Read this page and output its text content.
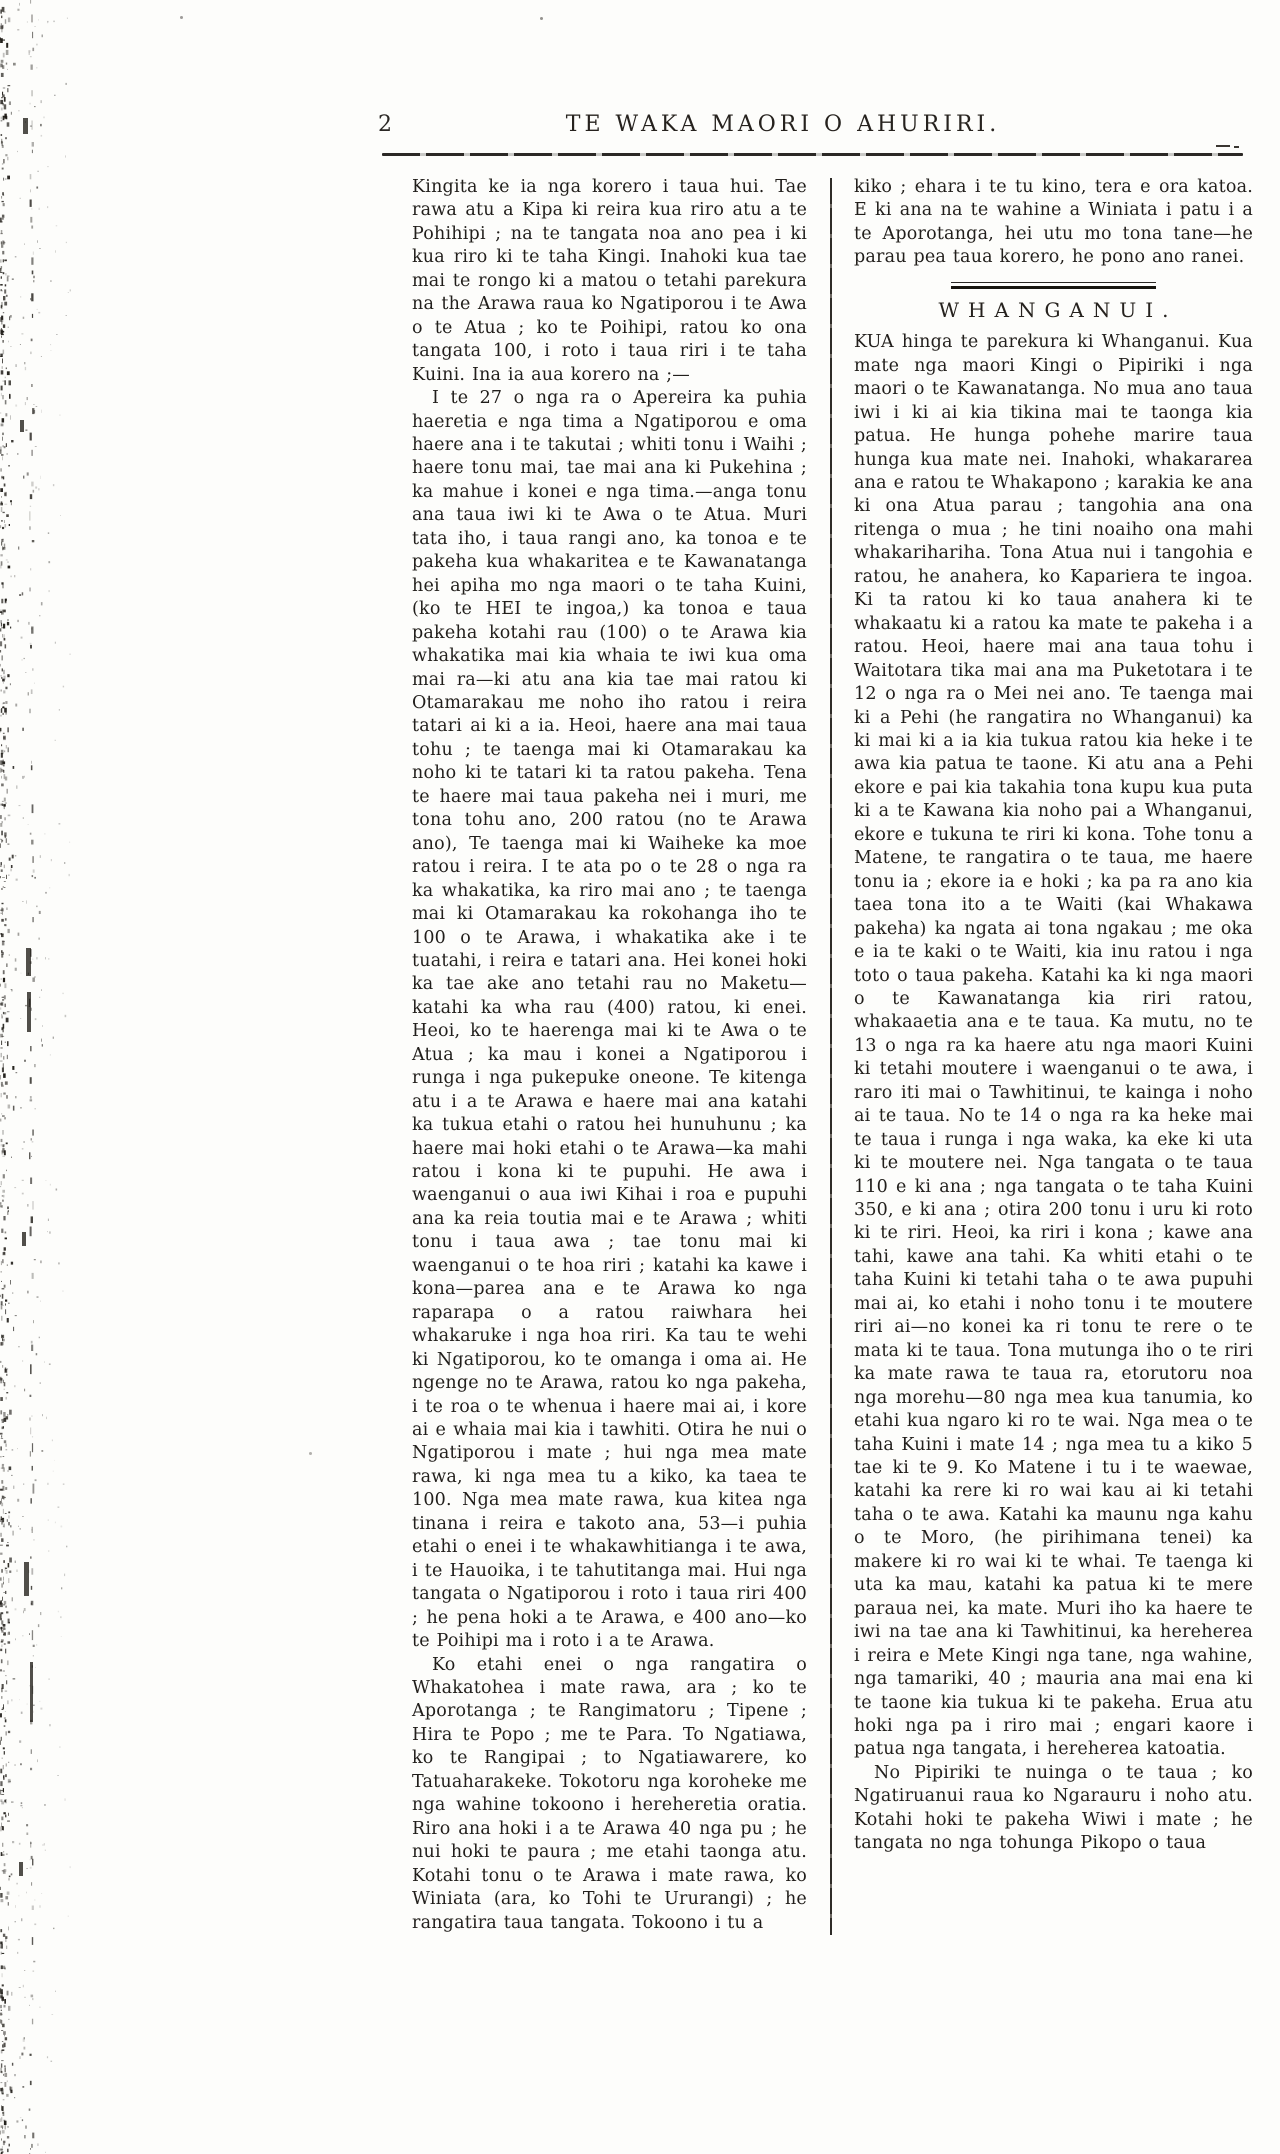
2	TE WAKA MAORI O AHURIRI.

Kingita ke ia nga korero i taua hui. Tae rawa atu a Kipa ki reira kua riro atu a te Pohihipi ; na te tangata noa ano pea i ki kua riro ki te taha Kingi. Inahoki kua tae mai te rongo ki a matou o tetahi parekura na the Arawa raua ko Ngatiporou i te Awa o te Atua ; ko te Poihipi, ratou ko ona tangata 100, i roto i taua riri i te taha Kuini. Ina ia aua korero na ;—

I te 27 o nga ra o Apereira ka puhia haeretia e nga tima a Ngatiporou e oma haere ana i te takutai ; whiti tonu i Waihi ; haere tonu mai, tae mai ana ki Pukehina ; ka mahue i konei e nga tima.—anga tonu ana taua iwi ki te Awa o te Atua. Muri tata iho, i taua rangi ano, ka tonoa e te pakeha kua whakaritea e te Kawanatanga hei apiha mo nga maori o te taha Kuini, (ko te HEI te ingoa,) ka tonoa e taua pakeha kotahi rau (100) o te Arawa kia whakatika mai kia whaia te iwi kua oma mai ra—ki atu ana kia tae mai ratou ki Otamarakau me noho iho ratou i reira tatari ai ki a ia. Heoi, haere ana mai taua tohu ; te taenga mai ki Otamarakau ka noho ki te tatari ki ta ratou pakeha. Tena te haere mai taua pakeha nei i muri, me tona tohu ano, 200 ratou (no te Arawa ano), Te taenga mai ki Waiheke ka moe ratou i reira. I te ata po o te 28 o nga ra ka whakatika, ka riro mai ano ; te taenga mai ki Otamarakau ka rokohanga iho te 100 o te Arawa, i whakatika ake i te tuatahi, i reira e tatari ana. Hei konei hoki ka tae ake ano tetahi rau no Maketu—katahi ka wha rau (400) ratou, ki enei. Heoi, ko te haerenga mai ki te Awa o te Atua ; ka mau i konei a Ngatiporou i runga i nga pukepuke oneone. Te kitenga atu i a te Arawa e haere mai ana katahi ka tukua etahi o ratou hei hunuhunu ; ka haere mai hoki etahi o te Arawa—ka mahi ratou i kona ki te pupuhi. He awa i waenganui o aua iwi Kihai i roa e pupuhi ana ka reia toutia mai e te Arawa ; whiti tonu i taua awa ; tae tonu mai ki waenganui o te hoa riri ; katahi ka kawe i kona—parea ana e te Arawa ko nga raparapa o a ratou raiwhara hei whakaruke i nga hoa riri. Ka tau te wehi ki Ngatiporou, ko te omanga i oma ai. He ngenge no te Arawa, ratou ko nga pakeha, i te roa o te whenua i haere mai ai, i kore ai e whaia mai kia i tawhiti. Otira he nui o Ngatiporou i mate ; hui nga mea mate rawa, ki nga mea tu a kiko, ka taea te 100. Nga mea mate rawa, kua kitea nga tinana i reira e takoto ana, 53—i puhia etahi o enei i te whakawhitianga i te awa, i te Hauoika, i te tahutitanga mai. Hui nga tangata o Ngatiporou i roto i taua riri 400 ; he pena hoki a te Arawa, e 400 ano—ko te Poihipi ma i roto i a te Arawa.

Ko etahi enei o nga rangatira o Whakatohea i mate rawa, ara ; ko te Aporotanga ; te Rangimatoru ; Tipene ; Hira te Popo ; me te Para. To Ngatiawa, ko te Rangipai ; to Ngatiawarere, ko Tatuaharakeke. Tokotoru nga koroheke me nga wahine tokoono i hereheretia oratia. Riro ana hoki i a te Arawa 40 nga pu ; he nui hoki te paura ; me etahi taonga atu. Kotahi tonu o te Arawa i mate rawa, ko Winiata (ara, ko Tohi te Ururangi) ; he rangatira taua tangata. Tokoono i tu a

kiko ; ehara i te tu kino, tera e ora katoa. E ki ana na te wahine a Winiata i patu i a te Aporotanga, hei utu mo tona tane—he parau pea taua korero, he pono ano ranei.

WHANGANUI.

KUA hinga te parekura ki Whanganui. Kua mate nga maori Kingi o Pipiriki i nga maori o te Kawanatanga. No mua ano taua iwi i ki ai kia tikina mai te taonga kia patua. He hunga pohehe marire taua hunga kua mate nei. Inahoki, whakararea ana e ratou te Whakapono ; karakia ke ana ki ona Atua parau ; tangohia ana ona ritenga o mua ; he tini noaiho ona mahi whakarihariha. Tona Atua nui i tangohia e ratou, he anahera, ko Kapariera te ingoa. Ki ta ratou ki ko taua anahera ki te whakaatu ki a ratou ka mate te pakeha i a ratou. Heoi, haere mai ana taua tohu i Waitotara tika mai ana ma Puketotara i te 12 o nga ra o Mei nei ano. Te taenga mai ki a Pehi (he rangatira no Whanganui) ka ki mai ki a ia kia tukua ratou kia heke i te awa kia patua te taone. Ki atu ana a Pehi ekore e pai kia takahia tona kupu kua puta ki a te Kawana kia noho pai a Whanganui, ekore e tukuna te riri ki kona. Tohe tonu a Matene, te rangatira o te taua, me haere tonu ia ; ekore ia e hoki ; ka pa ra ano kia taea tona ito a te Waiti (kai Whakawa pakeha) ka ngata ai tona ngakau ; me oka e ia te kaki o te Waiti, kia inu ratou i nga toto o taua pakeha. Katahi ka ki nga maori o te Kawanatanga kia riri ratou, whakaaetia ana e te taua. Ka mutu, no te 13 o nga ra ka haere atu nga maori Kuini ki tetahi moutere i waenganui o te awa, i raro iti mai o Tawhitinui, te kainga i noho ai te taua. No te 14 o nga ra ka heke mai te taua i runga i nga waka, ka eke ki uta ki te moutere nei. Nga tangata o te taua 110 e ki ana ; nga tangata o te taha Kuini 350, e ki ana ; otira 200 tonu i uru ki roto ki te riri. Heoi, ka riri i kona ; kawe ana tahi, kawe ana tahi. Ka whiti etahi o te taha Kuini ki tetahi taha o te awa pupuhi mai ai, ko etahi i noho tonu i te moutere riri ai—no konei ka ri tonu te rere o te mata ki te taua. Tona mutunga iho o te riri ka mate rawa te taua ra, etorutoru noa nga morehu—80 nga mea kua tanumia, ko etahi kua ngaro ki ro te wai. Nga mea o te taha Kuini i mate 14 ; nga mea tu a kiko 5 tae ki te 9. Ko Matene i tu i te waewae, katahi ka rere ki ro wai kau ai ki tetahi taha o te awa. Katahi ka maunu nga kahu o te Moro, (he pirihimana tenei) ka makere ki ro wai ki te whai. Te taenga ki uta ka mau, katahi ka patua ki te mere paraua nei, ka mate. Muri iho ka haere te iwi na tae ana ki Tawhitinui, ka hereherea i reira e Mete Kingi nga tane, nga wahine, nga tamariki, 40 ; mauria ana mai ena ki te taone kia tukua ki te pakeha. Erua atu hoki nga pa i riro mai ; engari kaore i patua nga tangata, i hereherea katoatia.

No Pipiriki te nuinga o te taua ; ko Ngatiruanui raua ko Ngarauru i noho atu. Kotahi hoki te pakeha Wiwi i mate ; he tangata no nga tohunga Pikopo o taua
